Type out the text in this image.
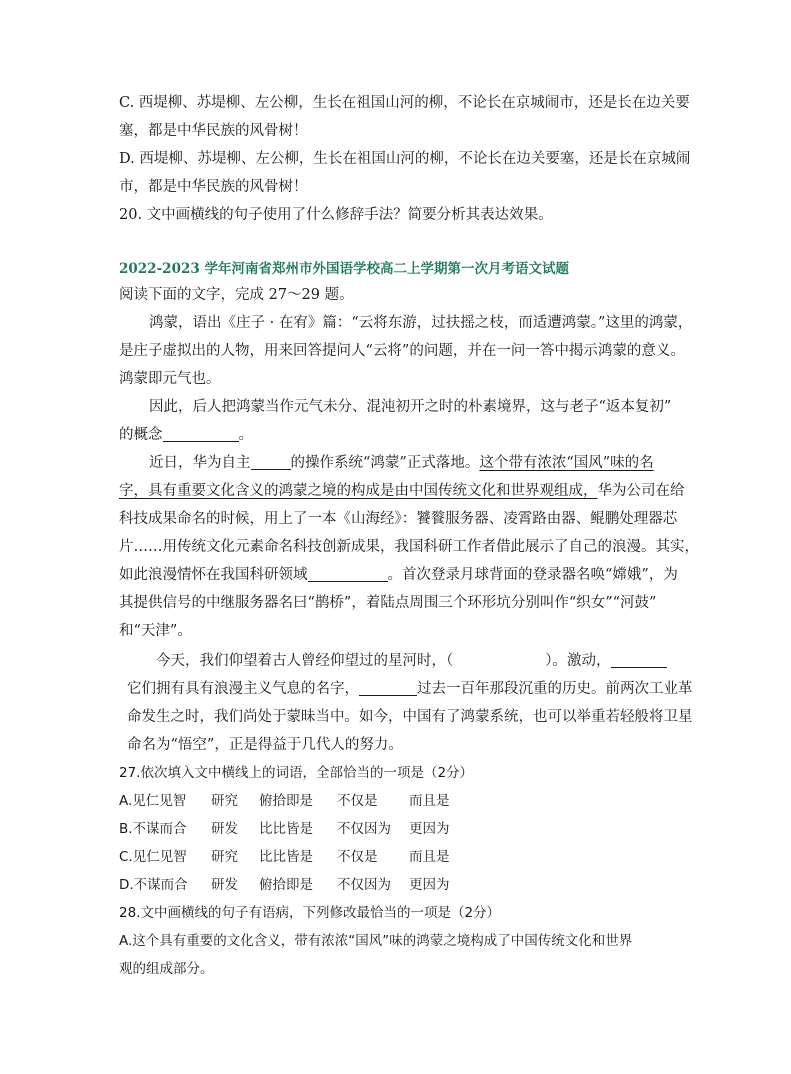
C. 西堤柳、苏堤柳、左公柳，生长在祖国山河的柳，不论长在京城闹市，还是长在边关要
塞，都是中华民族的风骨树！
D. 西堤柳、苏堤柳、左公柳，生长在祖国山河的柳，不论长在边关要塞，还是长在京城闹
市，都是中华民族的风骨树！
20. 文中画横线的句子使用了什么修辞手法？简要分析其表达效果。
2022-2023 学年河南省郑州市外国语学校高二上学期第一次月考语文试题
阅读下面的文字，完成 27～29 题。
鸿蒙，语出《庄子 · 在宥》篇：“云将东游，过扶摇之枝，而适遭鸿蒙。”这里的鸿蒙，
是庄子虚拟出的人物，用来回答提问人“云将”的问题，并在一问一答中揭示鸿蒙的意义。
鸿蒙即元气也。
因此，后人把鸿蒙当作元气未分、混沌初开之时的朴素境界，这与老子“返本复初”
的概念	。
近日，华为自主	的操作系统“鸿蒙”正式落地。这个带有浓浓“国风”味的名
字，具有重要文化含义的鸿蒙之境的构成是由中国传统文化和世界观组成，华为公司在给
科技成果命名的时候，用上了一本《山海经》：饕餮服务器、凌霄路由器、鲲鹏处理器芯
片……用传统文化元素命名科技创新成果，我国科研工作者借此展示了自己的浪漫。其实，
如此浪漫情怀在我国科研领域	。首次登录月球背面的登录器名唤“嫦娥”，为
其提供信号的中继服务器名曰“鹊桥”，着陆点周围三个环形坑分别叫作“织女”“河鼓”
和“天津”。
今天，我们仰望着古人曾经仰望过的星河时，（	）。激动，
它们拥有具有浪漫主义气息的名字，	过去一百年那段沉重的历史。前两次工业革
命发生之时，我们尚处于蒙昧当中。如今，中国有了鸿蒙系统，也可以举重若轻般将卫星
命名为“悟空”，正是得益于几代人的努力。
27.依次填入文中横线上的词语，全部恰当的一项是（2分）
A.见仁见智 研究 俯拾即是 不仅是 而且是
B.不谋而合 研发 比比皆是 不仅因为 更因为
C.见仁见智 研究 比比皆是 不仅是 而且是
D.不谋而合 研发 俯拾即是 不仅因为 更因为
28.文中画横线的句子有语病，下列修改最恰当的一项是（2分）
A.这个具有重要的文化含义，带有浓浓“国风”味的鸿蒙之境构成了中国传统文化和世界
观的组成部分。
